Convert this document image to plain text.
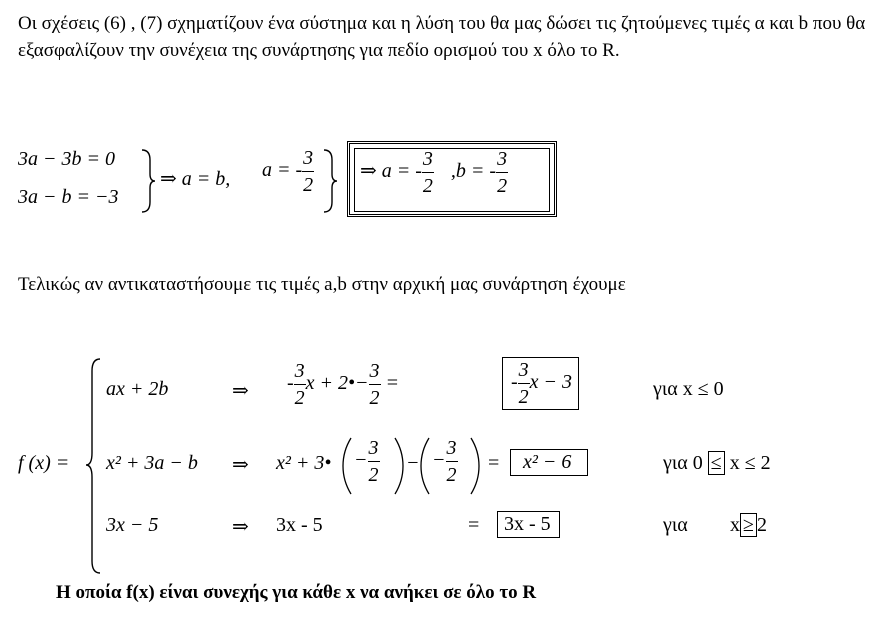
Οι σχέσεις (6) , (7) σχηματίζουν ένα σύστημα και η λύση του θα μας δώσει τις ζητούμενες τιμές α και b που θα εξασφαλίζουν την συνέχεια της συνάρτησης για πεδίο ορισμού του x όλο το R.
3a − 3b = 0
3a − b = −3
⇒ a = b, a = - $\frac{3}{2}$ ⇒ a = - $\frac{3}{2} ,b$ = - $\frac{3}{2}$
Τελικώς αν αντικαταστήσουμε τις τιμές a,b στην αρχική μας συνάρτηση έχουμε
f (x) =
ax + 2b	⇒ - $\frac{3}{2}$ x + 2•− $\frac{3}{2}$ =	- $\frac{3}{2}$ x − 3	για x ≤ 0
x² + 3a − b ⇒ x² + 3• − $\frac{3}{2}$ − − $\frac{3}{2}$ =	x² − 6	για 0 ≤ x ≤ 2
3x − 5	⇒ 3x - 5	=	3x - 5	για x ≥ 2
Η οποία f(x) είναι συνεχής για κάθε x να ανήκει σε όλο το R
